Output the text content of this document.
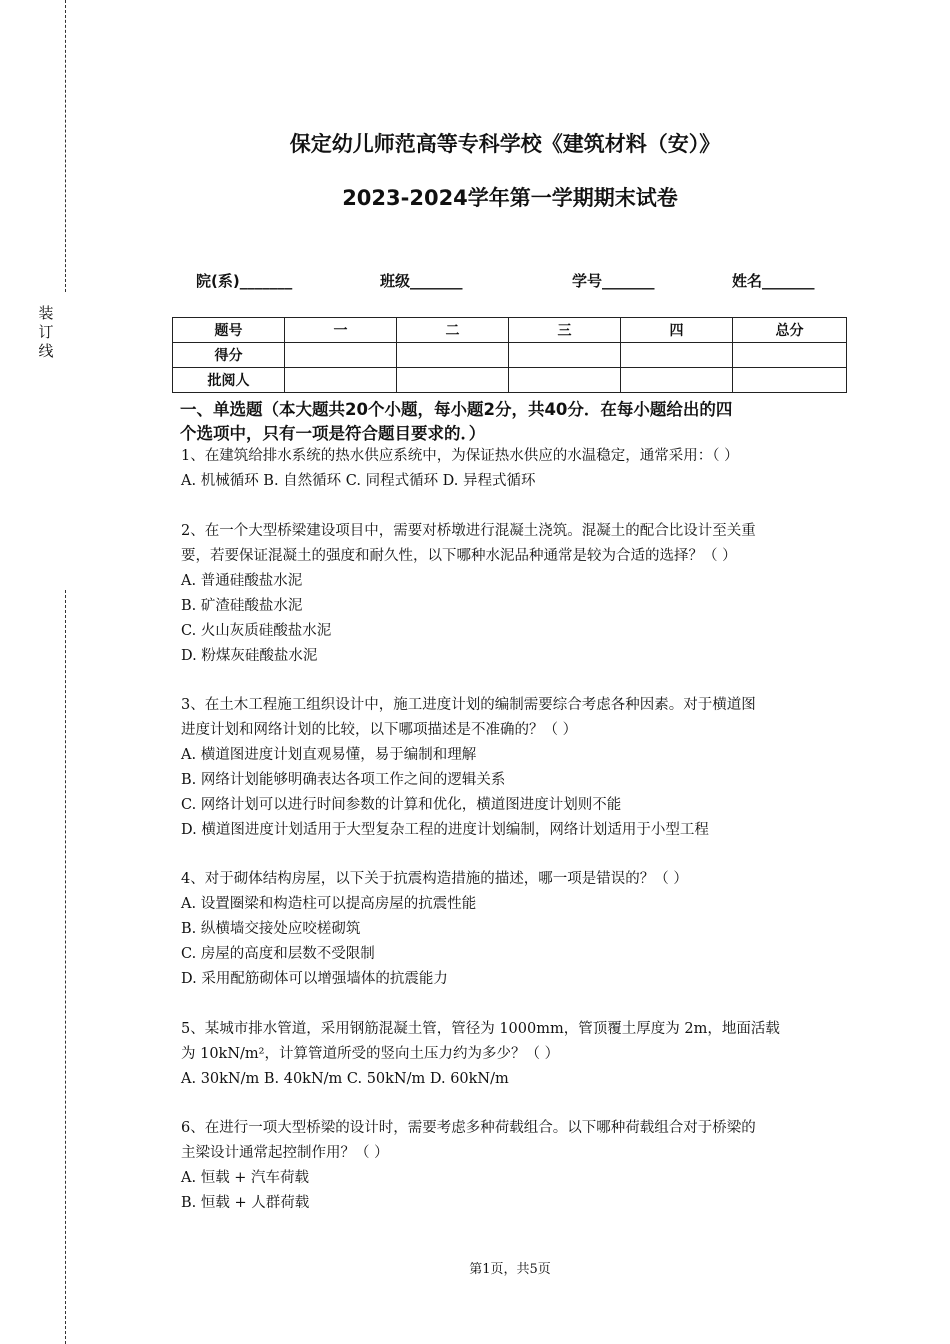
装订线
保定幼儿师范高等专科学校《建筑材料（安）》
2023-2024学年第一学期期末试卷
院(系)_______	班级_______	学号_______	姓名_______
题号	一	二	三	四	总分
得分					
批阅人					
一、单选题（本大题共20个小题，每小题2分，共40分．在每小题给出的四
个选项中，只有一项是符合题目要求的．）
1、在建筑给排水系统的热水供应系统中，为保证热水供应的水温稳定，通常采用：（ ）
A. 机械循环 B. 自然循环 C. 同程式循环 D. 异程式循环
2、在一个大型桥梁建设项目中，需要对桥墩进行混凝土浇筑。混凝土的配合比设计至关重
要，若要保证混凝土的强度和耐久性，以下哪种水泥品种通常是较为合适的选择？（ ）
A. 普通硅酸盐水泥
B. 矿渣硅酸盐水泥
C. 火山灰质硅酸盐水泥
D. 粉煤灰硅酸盐水泥
3、在土木工程施工组织设计中，施工进度计划的编制需要综合考虑各种因素。对于横道图
进度计划和网络计划的比较，以下哪项描述是不准确的？（ ）
A. 横道图进度计划直观易懂，易于编制和理解
B. 网络计划能够明确表达各项工作之间的逻辑关系
C. 网络计划可以进行时间参数的计算和优化，横道图进度计划则不能
D. 横道图进度计划适用于大型复杂工程的进度计划编制，网络计划适用于小型工程
4、对于砌体结构房屋，以下关于抗震构造措施的描述，哪一项是错误的？（ ）
A. 设置圈梁和构造柱可以提高房屋的抗震性能
B. 纵横墙交接处应咬槎砌筑
C. 房屋的高度和层数不受限制
D. 采用配筋砌体可以增强墙体的抗震能力
5、某城市排水管道，采用钢筋混凝土管，管径为 1000mm，管顶覆土厚度为 2m，地面活载
为 10kN/m²，计算管道所受的竖向土压力约为多少？（ ）
A. 30kN/m B. 40kN/m C. 50kN/m D. 60kN/m
6、在进行一项大型桥梁的设计时，需要考虑多种荷载组合。以下哪种荷载组合对于桥梁的
主梁设计通常起控制作用？（ ）
A. 恒载 + 汽车荷载
B. 恒载 + 人群荷载
第1页，共5页
